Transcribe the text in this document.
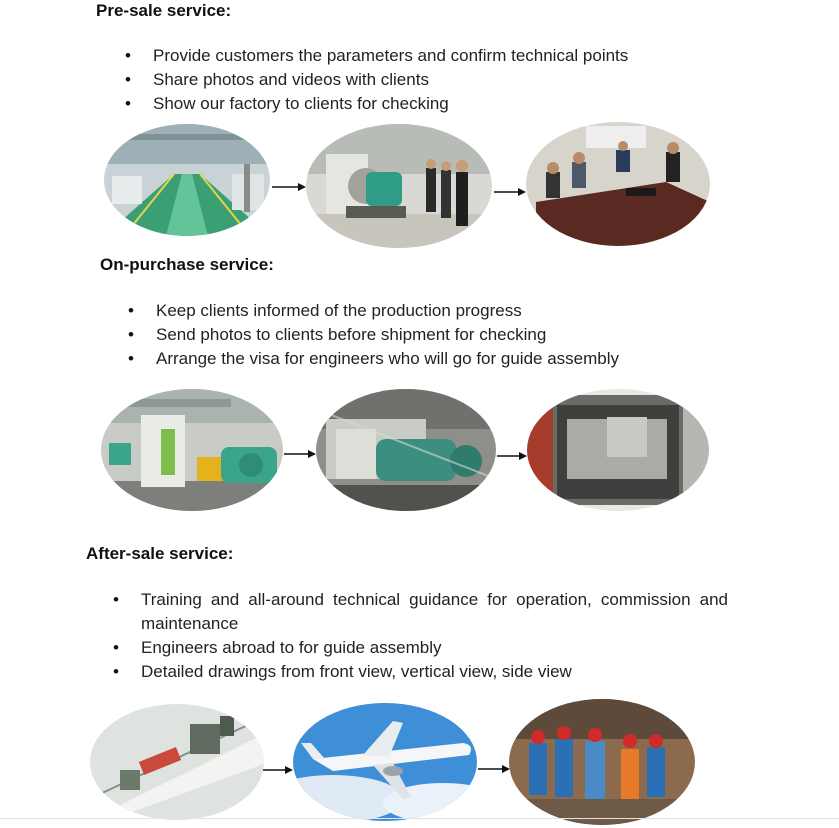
Pre-sale service:
• Provide customers the parameters and confirm technical points
• Share photos and videos with clients
• Show our factory to clients for checking
On-purchase service:
• Keep clients informed of the production progress
• Send photos to clients before shipment for checking
• Arrange the visa for engineers who will go for guide assembly
After-sale service:
• Training and all-around technical guidance for operation, commission and maintenance
• Engineers abroad to for guide assembly
• Detailed drawings from front view, vertical view, side view
